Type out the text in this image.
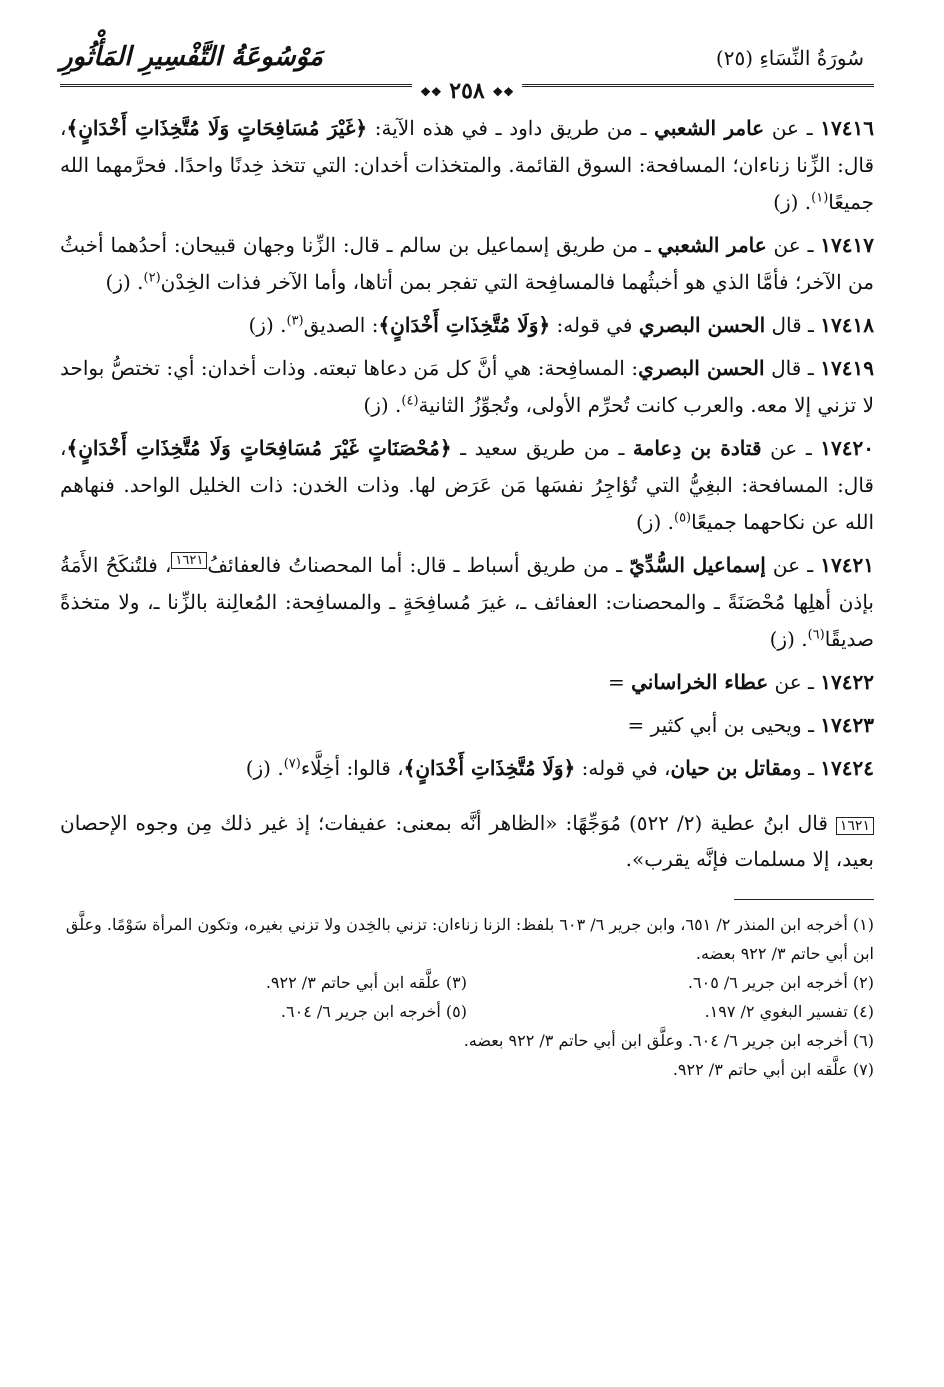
سُورَةُ النِّسَاءِ (٢٥)
مَوْسُوعَةُ التَّفْسِيرِ المَأْثُورِ
❖❖ ٢٥٨ ❖❖

١٧٤١٦ ـ عن عامر الشعبي ـ من طريق داود ـ في هذه الآية: ﴿غَيْرَ مُسَافِحَاتٍ وَلَا مُتَّخِذَاتِ أَخْدَانٍ﴾، قال: الزِّنا زناءان؛ المسافحة: السوق القائمة. والمتخذات أخدان: التي تتخذ خِدنًا واحدًا. فحرَّمهما الله جميعًا$^{(١)}$. (ز)

١٧٤١٧ ـ عن عامر الشعبي ـ من طريق إسماعيل بن سالم ـ قال: الزِّنا وجهان قبيحان: أحدُهما أخبثُ من الآخر؛ فأمَّا الذي هو أخبثُهما فالمسافِحة التي تفجر بمن أتاها، وأما الآخر فذات الخِدْن$^{(٢)}$. (ز)

١٧٤١٨ ـ قال الحسن البصري في قوله: ﴿وَلَا مُتَّخِذَاتِ أَخْدَانٍ﴾: الصديق$^{(٣)}$. (ز)

١٧٤١٩ ـ قال الحسن البصري: المسافِحة: هي أنَّ كل مَن دعاها تبعته. وذات أخدان: أي: تختصُّ بواحد لا تزني إلا معه. والعرب كانت تُحرِّم الأولى، وتُجوِّزُ الثانية$^{(٤)}$. (ز)

١٧٤٢٠ ـ عن قتادة بن دِعامة ـ من طريق سعيد ـ ﴿مُحْصَنَاتٍ غَيْرَ مُسَافِحَاتٍ وَلَا مُتَّخِذَاتِ أَخْدَانٍ﴾، قال: المسافحة: البغِيُّ التي تُؤاجِرُ نفسَها مَن عَرَض لها. وذات الخدن: ذات الخليل الواحد. فنهاهم الله عن نكاحهما جميعًا$^{(٥)}$. (ز)

١٧٤٢١ ـ عن إسماعيل السُّدِّيّ ـ من طريق أسباط ـ قال: أما المحصناتُ فالعفائفُ$^{١٦٢١}$، فلتُنكَحُ الأَمَةُ بإذن أهلِها مُحْصَنَةً ـ والمحصنات: العفائف ـ، غيرَ مُسافِحَةٍ ـ والمسافِحة: المُعالِنة بالزِّنا ـ، ولا متخذةً صديقًا$^{(٦)}$. (ز)

١٧٤٢٢ ـ عن عطاء الخراساني =

١٧٤٢٣ ـ ويحيى بن أبي كثير =

١٧٤٢٤ ـ ومقاتل بن حيان، في قوله: ﴿وَلَا مُتَّخِذَاتِ أَخْدَانٍ﴾، قالوا: أخِلَّاء$^{(٧)}$. (ز)

١٦٢١ قال ابنُ عطية (٢/ ٥٢٢) مُوَجِّهًا: «الظاهر أنَّه بمعنى: عفيفات؛ إذ غير ذلك مِن وجوه الإحصان بعيد، إلا مسلمات فإنَّه يقرب».
(١) أخرجه ابن المنذر ٢/ ٦٥١، وابن جرير ٦/ ٦٠٣ بلفظ: الزنا زناءان: تزني بالخِدن ولا تزني بغيره، وتكون المرأة سَوْمًا. وعلَّق ابن أبي حاتم ٣/ ٩٢٢ بعضه.
(٢) أخرجه ابن جرير ٦/ ٦٠٥.
(٣) علَّقه ابن أبي حاتم ٣/ ٩٢٢.
(٤) تفسير البغوي ٢/ ١٩٧.
(٥) أخرجه ابن جرير ٦/ ٦٠٤.
(٦) أخرجه ابن جرير ٦/ ٦٠٤. وعلَّق ابن أبي حاتم ٣/ ٩٢٢ بعضه.
(٧) علَّقه ابن أبي حاتم ٣/ ٩٢٢.
